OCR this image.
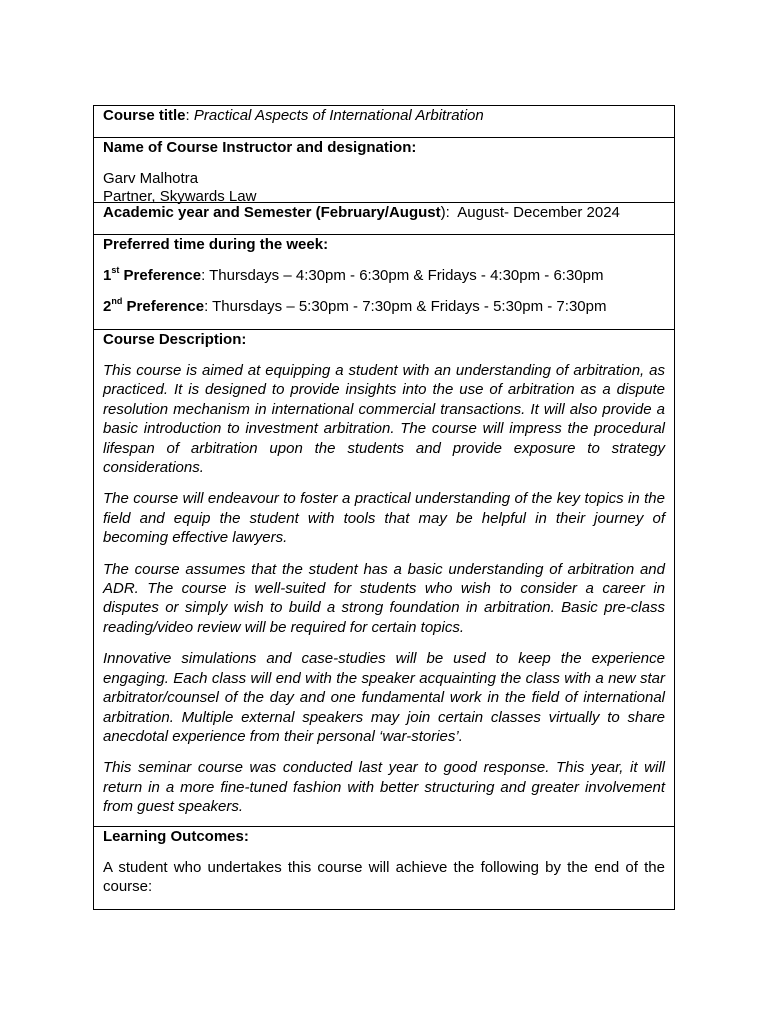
Course title: Practical Aspects of International Arbitration
Name of Course Instructor and designation:
Garv Malhotra
Partner, Skywards Law
Academic year and Semester (February/August):  August- December 2024
Preferred time during the week:
1st Preference: Thursdays – 4:30pm - 6:30pm & Fridays - 4:30pm - 6:30pm
2nd Preference: Thursdays – 5:30pm - 7:30pm & Fridays - 5:30pm - 7:30pm
Course Description:

This course is aimed at equipping a student with an understanding of arbitration, as practiced. It is designed to provide insights into the use of arbitration as a dispute resolution mechanism in international commercial transactions. It will also provide a basic introduction to investment arbitration. The course will impress the procedural lifespan of arbitration upon the students and provide exposure to strategy considerations.

The course will endeavour to foster a practical understanding of the key topics in the field and equip the student with tools that may be helpful in their journey of becoming effective lawyers.

The course assumes that the student has a basic understanding of arbitration and ADR. The course is well-suited for students who wish to consider a career in disputes or simply wish to build a strong foundation in arbitration. Basic pre-class reading/video review will be required for certain topics.

Innovative simulations and case-studies will be used to keep the experience engaging. Each class will end with the speaker acquainting the class with a new star arbitrator/counsel of the day and one fundamental work in the field of international arbitration. Multiple external speakers may join certain classes virtually to share anecdotal experience from their personal ‘war-stories’.

This seminar course was conducted last year to good response. This year, it will return in a more fine-tuned fashion with better structuring and greater involvement from guest speakers.

Learning Outcomes:

A student who undertakes this course will achieve the following by the end of the course:
